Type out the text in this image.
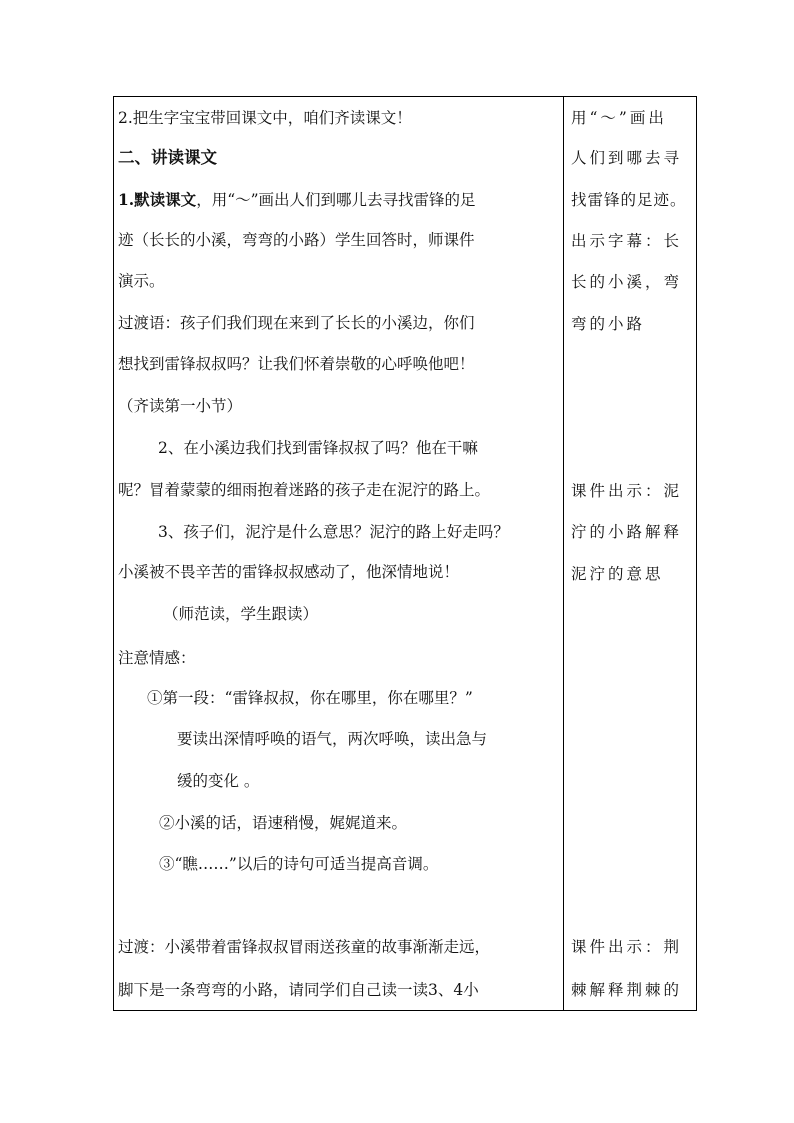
2.把生字宝宝带回课文中，咱们齐读课文！
二、讲读课文
1.默读课文，用“～”画出人们到哪儿去寻找雷锋的足
迹（长长的小溪，弯弯的小路）学生回答时，师课件
演示。
过渡语：孩子们我们现在来到了长长的小溪边，你们
想找到雷锋叔叔吗？让我们怀着崇敬的心呼唤他吧！
（齐读第一小节）
2、在小溪边我们找到雷锋叔叔了吗？他在干嘛
呢？冒着蒙蒙的细雨抱着迷路的孩子走在泥泞的路上。
3、孩子们，泥泞是什么意思？泥泞的路上好走吗？
小溪被不畏辛苦的雷锋叔叔感动了，他深情地说！
（师范读，学生跟读）
注意情感：
①第一段：“雷锋叔叔，你在哪里，你在哪里？”
要读出深情呼唤的语气，两次呼唤，读出急与
缓的变化 。
②小溪的话，语速稍慢，娓娓道来。
③“瞧……”以后的诗句可适当提高音调。
过渡：小溪带着雷锋叔叔冒雨送孩童的故事渐渐走远，
脚下是一条弯弯的小路，请同学们自己读一读3、4小
用“～”画出
人们到哪去寻
找雷锋的足迹。
出示字幕：长
长的小溪，弯
弯的小路
课件出示：泥
泞的小路解释
泥泞的意思
课件出示：荆
棘解释荆棘的
